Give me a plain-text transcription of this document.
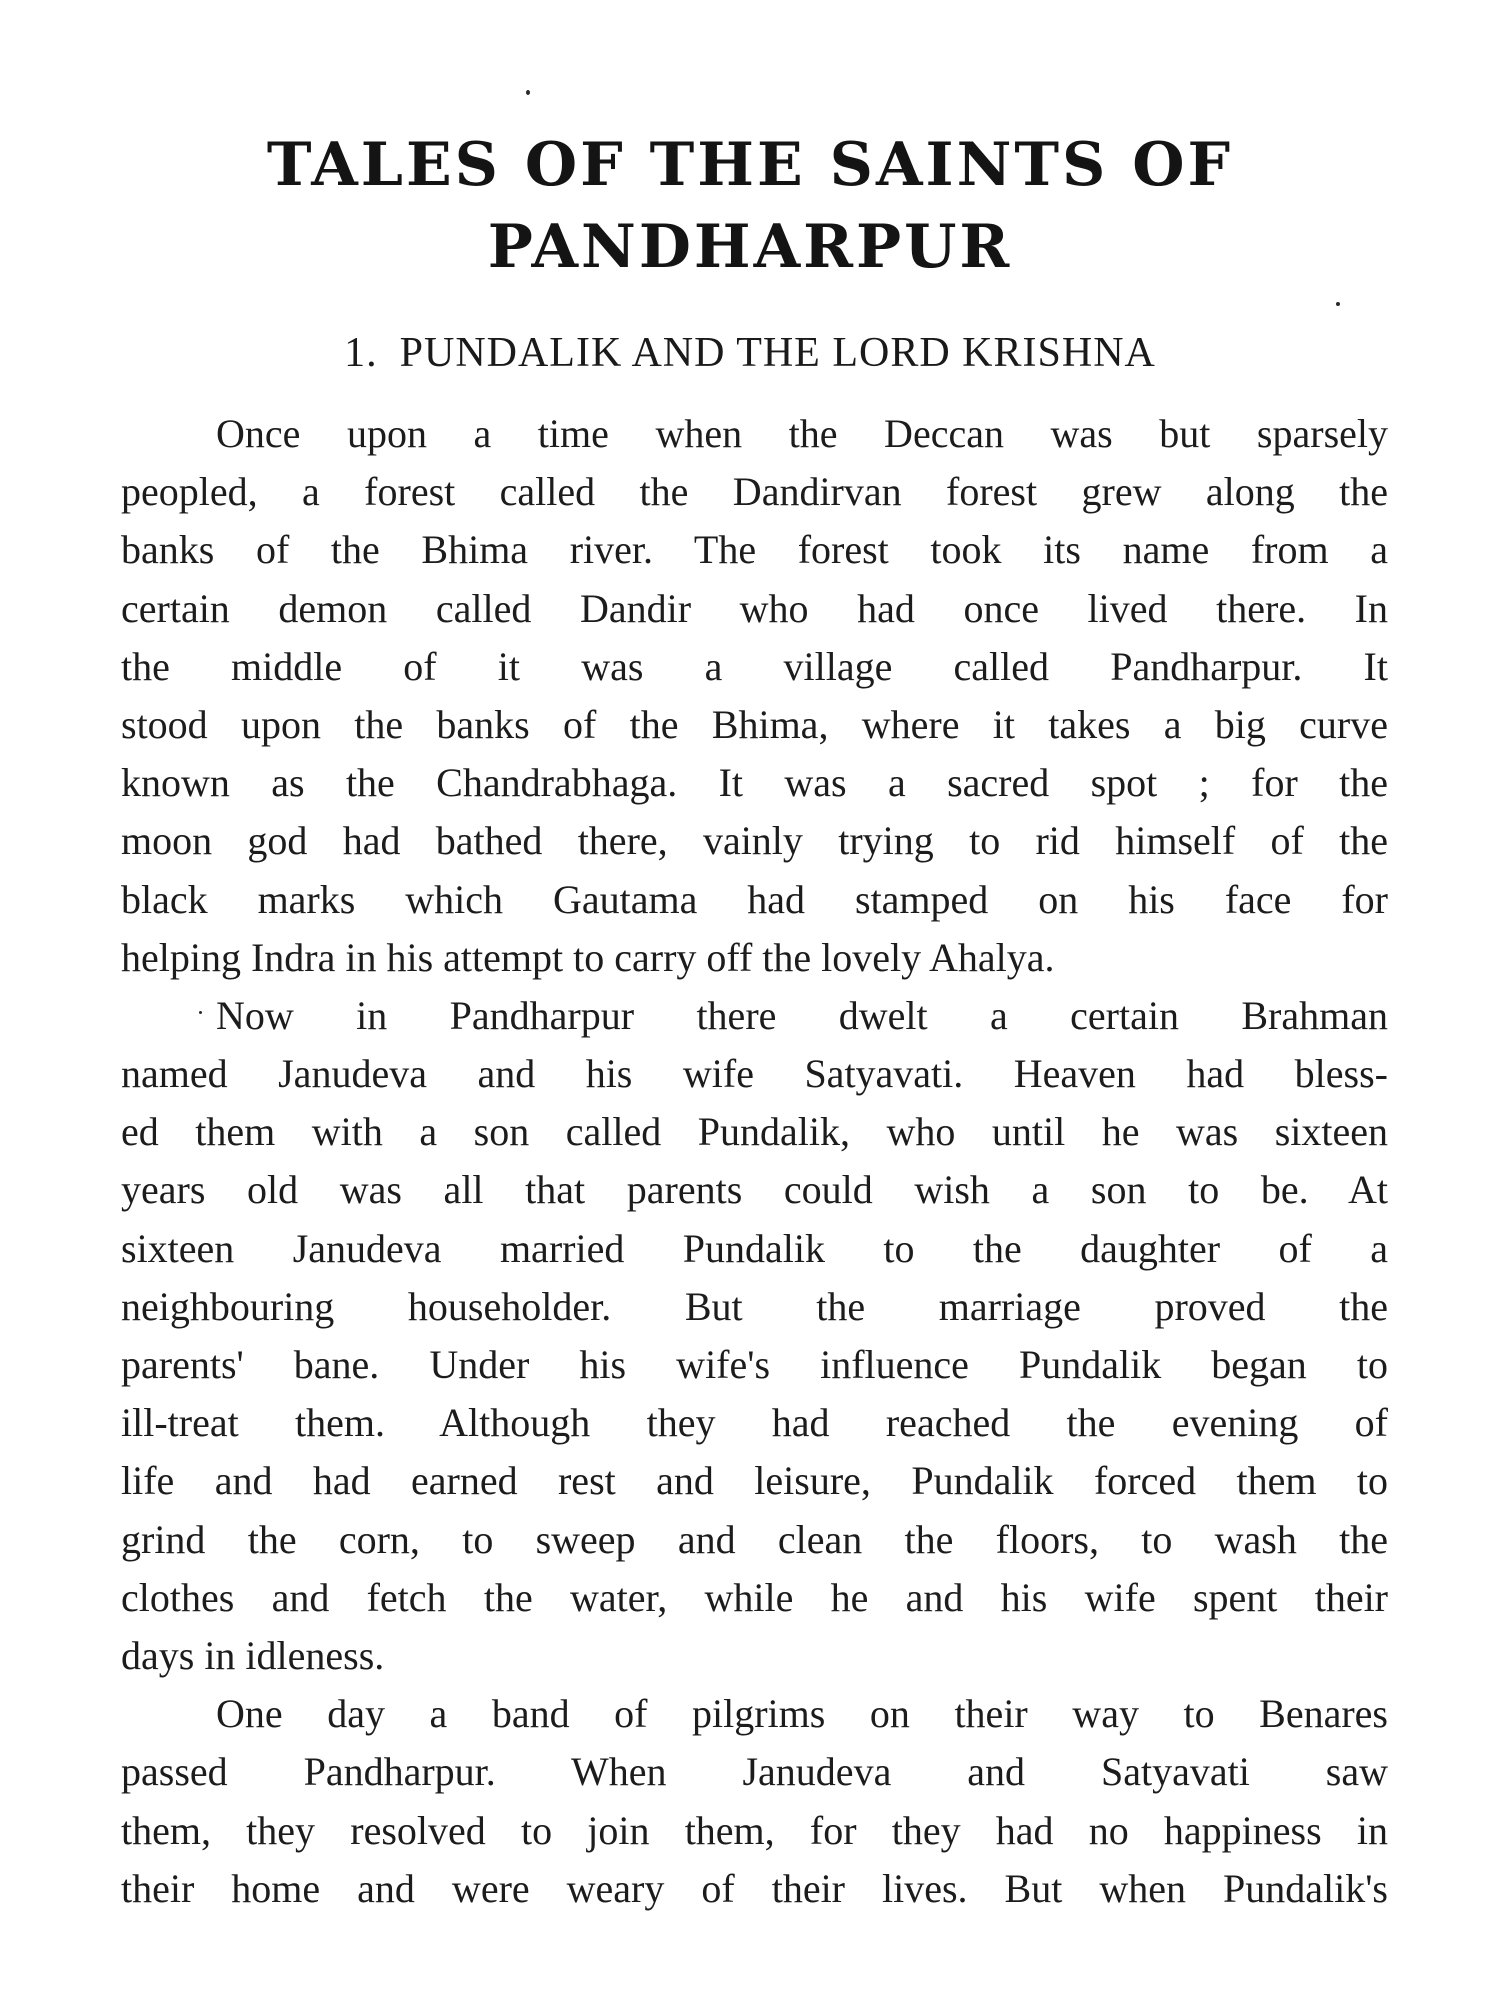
TALES OF THE SAINTS OF
PANDHARPUR
1. PUNDALIK AND THE LORD KRISHNA
Once upon a time when the Deccan was but sparsely
peopled, a forest called the Dandirvan forest grew along the
banks of the Bhima river. The forest took its name from a
certain demon called Dandir who had once lived there. In
the middle of it was a village called Pandharpur. It
stood upon the banks of the Bhima, where it takes a big curve
known as the Chandrabhaga. It was a sacred spot ; for the
moon god had bathed there, vainly trying to rid himself of the
black marks which Gautama had stamped on his face for
helping Indra in his attempt to carry off the lovely Ahalya.
Now in Pandharpur there dwelt a certain Brahman
named Janudeva and his wife Satyavati. Heaven had bless-
ed them with a son called Pundalik, who until he was sixteen
years old was all that parents could wish a son to be. At
sixteen Janudeva married Pundalik to the daughter of a
neighbouring householder. But the marriage proved the
parents' bane. Under his wife's influence Pundalik began to
ill-treat them. Although they had reached the evening of
life and had earned rest and leisure, Pundalik forced them to
grind the corn, to sweep and clean the floors, to wash the
clothes and fetch the water, while he and his wife spent their
days in idleness.
One day a band of pilgrims on their way to Benares
passed Pandharpur. When Janudeva and Satyavati saw
them, they resolved to join them, for they had no happiness in
their home and were weary of their lives. But when Pundalik's
